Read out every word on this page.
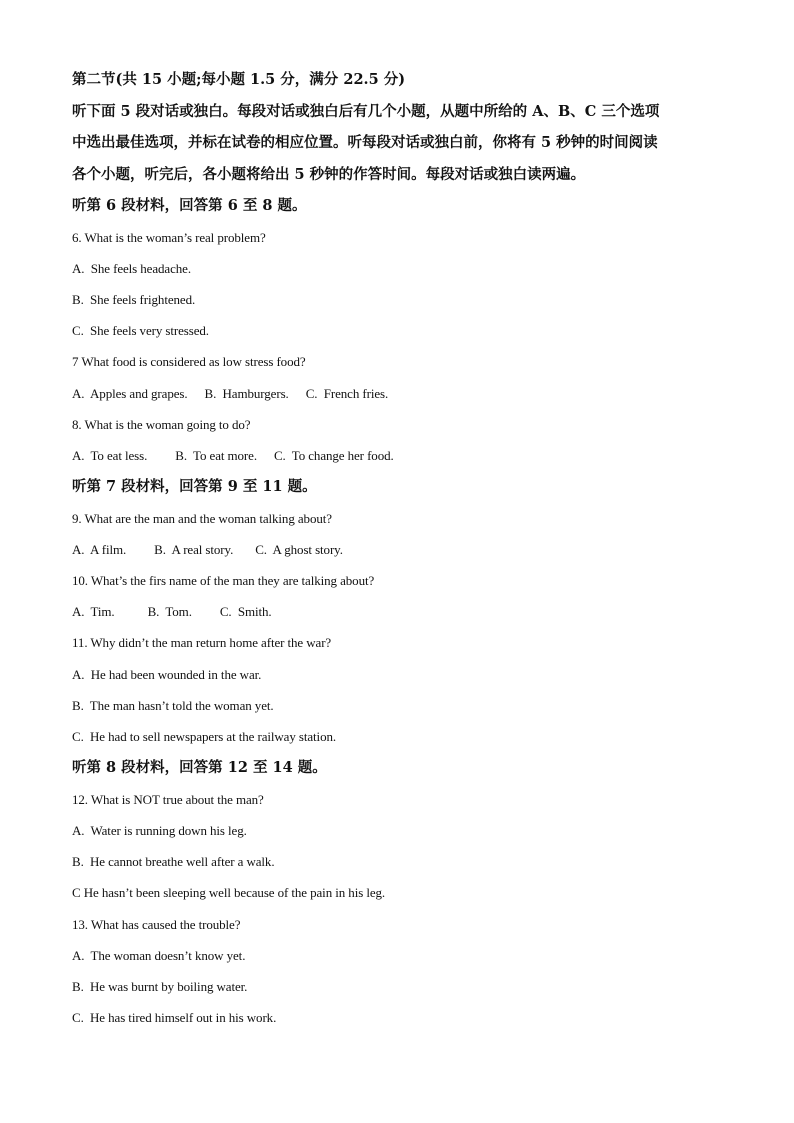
第二节(共 15 小题;每小题 1.5 分，满分 22.5 分)

听下面 5 段对话或独白。每段对话或独白后有几个小题，从题中所给的 A、B、C 三个选项

中选出最佳选项，并标在试卷的相应位置。听每段对话或独白前，你将有 5 秒钟的时间阅读

各个小题，听完后，各小题将给出 5 秒钟的作答时间。每段对话或独白读两遍。

听第 6 段材料，回答第 6 至 8 题。

6. What is the woman’s real problem?

A.  She feels headache.

B.  She feels frightened.

C.  She feels very stressed.

7 What food is considered as low stress food?

A.  Apples and grapes. B.  Hamburgers. C.  French fries.

8. What is the woman going to do?

A.  To eat less. B.  To eat more. C.  To change her food.

听第 7 段材料，回答第 9 至 11 题。

9. What are the man and the woman talking about?

A.  A film. B.  A real story. C.  A ghost story.

10. What’s the firs name of the man they are talking about?

A.  Tim.	B.  Tom. C.  Smith.

11. Why didn’t the man return home after the war?

A.  He had been wounded in the war.

B.  The man hasn’t told the woman yet.

C.  He had to sell newspapers at the railway station.

听第 8 段材料，回答第 12 至 14 题。

12. What is NOT true about the man?

A.  Water is running down his leg.

B.  He cannot breathe well after a walk.

C He hasn’t been sleeping well because of the pain in his leg.

13. What has caused the trouble?

A.  The woman doesn’t know yet.

B.  He was burnt by boiling water.

C.  He has tired himself out in his work.
